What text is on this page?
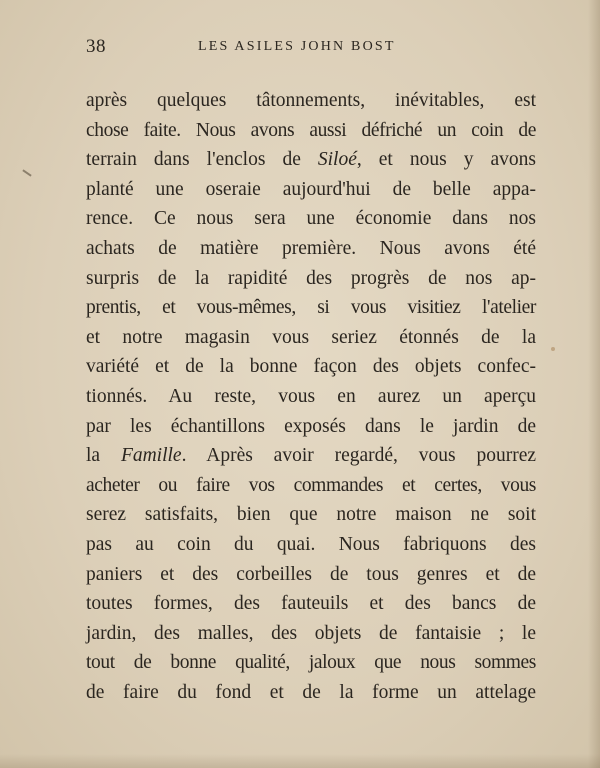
38	LES ASILES JOHN BOST
après quelques tâtonnements, inévitables, est
chose faite. Nous avons aussi défriché un coin de
terrain dans l'enclos de Siloé, et nous y avons
planté une oseraie aujourd'hui de belle appa-
rence. Ce nous sera une économie dans nos
achats de matière première. Nous avons été
surpris de la rapidité des progrès de nos ap-
prentis, et vous-mêmes, si vous visitiez l'atelier
et notre magasin vous seriez étonnés de la
variété et de la bonne façon des objets confec-
tionnés. Au reste, vous en aurez un aperçu
par les échantillons exposés dans le jardin de
la Famille. Après avoir regardé, vous pourrez
acheter ou faire vos commandes et certes, vous
serez satisfaits, bien que notre maison ne soit
pas au coin du quai. Nous fabriquons des
paniers et des corbeilles de tous genres et de
toutes formes, des fauteuils et des bancs de
jardin, des malles, des objets de fantaisie ; le
tout de bonne qualité, jaloux que nous sommes
de faire du fond et de la forme un attelage
